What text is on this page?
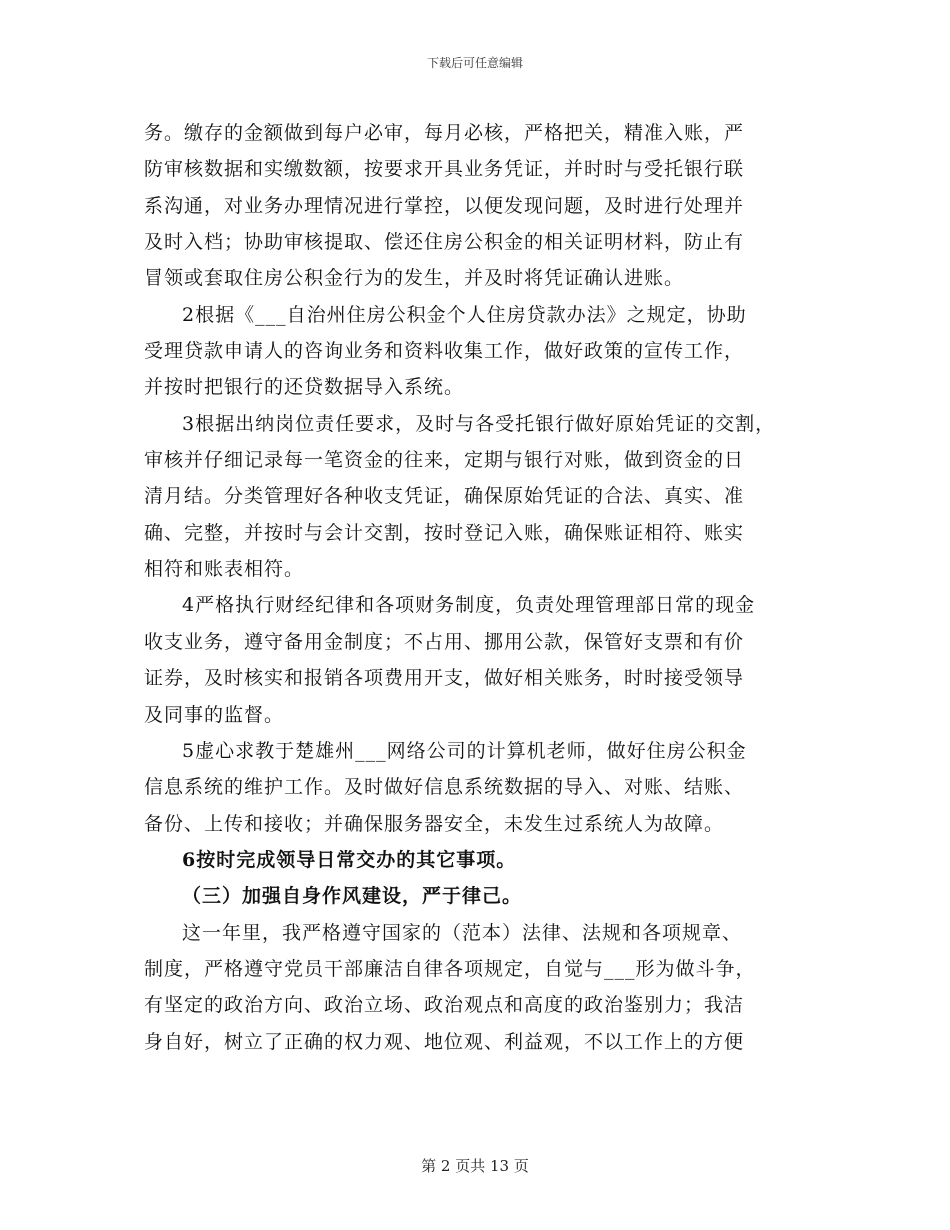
下载后可任意编辑
务。缴存的金额做到每户必审，每月必核，严格把关，精准入账，严
防审核数据和实缴数额，按要求开具业务凭证，并时时与受托银行联
系沟通，对业务办理情况进行掌控，以便发现问题，及时进行处理并
及时入档；协助审核提取、偿还住房公积金的相关证明材料，防止有
冒领或套取住房公积金行为的发生，并及时将凭证确认进账。
2根据《___自治州住房公积金个人住房贷款办法》之规定，协助
受理贷款申请人的咨询业务和资料收集工作，做好政策的宣传工作，
并按时把银行的还贷数据导入系统。
3根据出纳岗位责任要求，及时与各受托银行做好原始凭证的交割，
审核并仔细记录每一笔资金的往来，定期与银行对账，做到资金的日
清月结。分类管理好各种收支凭证，确保原始凭证的合法、真实、准
确、完整，并按时与会计交割，按时登记入账，确保账证相符、账实
相符和账表相符。
4严格执行财经纪律和各项财务制度，负责处理管理部日常的现金
收支业务，遵守备用金制度；不占用、挪用公款，保管好支票和有价
证券，及时核实和报销各项费用开支，做好相关账务，时时接受领导
及同事的监督。
5虚心求教于楚雄州___网络公司的计算机老师，做好住房公积金
信息系统的维护工作。及时做好信息系统数据的导入、对账、结账、
备份、上传和接收；并确保服务器安全，未发生过系统人为故障。
6按时完成领导日常交办的其它事项。
（三）加强自身作风建设，严于律己。
这一年里，我严格遵守国家的（范本）法律、法规和各项规章、
制度，严格遵守党员干部廉洁自律各项规定，自觉与___形为做斗争，
有坚定的政治方向、政治立场、政治观点和高度的政治鉴别力；我洁
身自好，树立了正确的权力观、地位观、利益观，不以工作上的方便
第 2 页共 13 页
